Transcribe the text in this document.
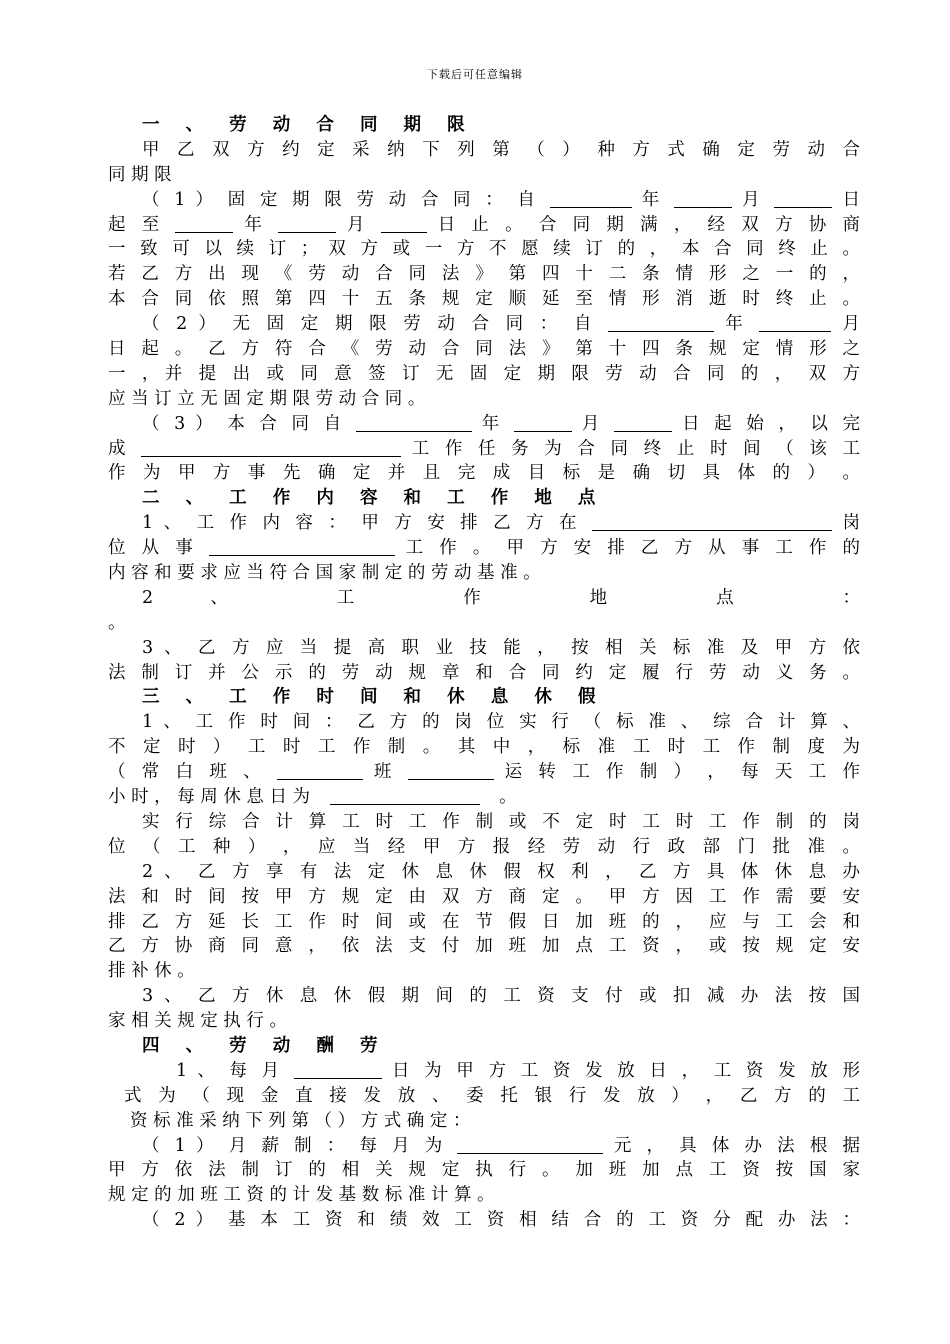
下载后可任意编辑
一 、 劳 动 合 同 期 限
甲 乙 双 方 约 定 采 纳 下 列 第 （ ） 种 方 式 确 定 劳 动 合
同 期 限
（ 1 ） 固 定 期 限 劳 动 合 同 ： 自	年	月	日
起 至	年	月	日 止 。 合 同 期 满 ， 经 双 方 协 商
一 致 可 以 续 订 ； 双 方 或 一 方 不 愿 续 订 的 ， 本 合 同 终 止 。
若 乙 方 出 现 《 劳 动 合 同 法 》 第 四 十 二 条 情 形 之 一 的 ，
本 合 同 依 照 第 四 十 五 条 规 定 顺 延 至 情 形 消 逝 时 终 止 。
（ 2 ） 无 固 定 期 限 劳 动 合 同 ： 自	年	月
日 起 。 乙 方 符 合 《 劳 动 合 同 法 》 第 十 四 条 规 定 情 形 之
一 ，并 提 出 或 同 意 签 订 无 固 定 期 限 劳 动 合 同 的 ， 双 方
应 当 订 立 无 固 定 期 限 劳 动 合 同 。
（ 3 ） 本 合 同 自	年	月	日 起 始 ， 以 完
成	工 作 任 务 为 合 同 终 止 时 间 （ 该 工
作 为 甲 方 事 先 确 定 并 且 完 成 目 标 是 确 切 具 体 的 ） 。
二 、 工 作 内 容 和 工 作 地 点
1 、 工 作 内 容 ： 甲 方 安 排 乙 方 在	岗
位 从 事	工 作 。 甲 方 安 排 乙 方 从 事 工 作 的
内 容 和 要 求 应 当 符 合 国 家 制 定 的 劳 动 基 准 。
2 、 工 作 地 点 ：
。
3 、 乙 方 应 当 提 高 职 业 技 能 ， 按 相 关 标 准 及 甲 方 依
法 制 订 并 公 示 的 劳 动 规 章 和 合 同 约 定 履 行 劳 动 义 务 。
三 、 工 作 时 间 和 休 息 休 假
1 、 工 作 时 间 ： 乙 方 的 岗 位 实 行 （ 标 准 、 综 合 计 算 、
不 定 时 ） 工 时 工 作 制 。 其 中 ， 标 准 工 时 工 作 制 度 为
（ 常 白 班 、	班	运 转 工 作 制 ） ， 每 天 工 作
小 时 ， 每 周 休 息 日 为	。
实 行 综 合 计 算 工 时 工 作 制 或 不 定 时 工 时 工 作 制 的 岗
位 （ 工 种 ） ， 应 当 经 甲 方 报 经 劳 动 行 政 部 门 批 准 。
2 、 乙 方 享 有 法 定 休 息 休 假 权 利 ， 乙 方 具 体 休 息 办
法 和 时 间 按 甲 方 规 定 由 双 方 商 定 。 甲 方 因 工 作 需 要 安
排 乙 方 延 长 工 作 时 间 或 在 节 假 日 加 班 的 ， 应 与 工 会 和
乙 方 协 商 同 意 ， 依 法 支 付 加 班 加 点 工 资 ， 或 按 规 定 安
排 补 休 。
3 、 乙 方 休 息 休 假 期 间 的 工 资 支 付 或 扣 减 办 法 按 国
家 相 关 规 定 执 行 。
四 、 劳 动 酬 劳
1 、 每 月	日 为 甲 方 工 资 发 放 日 ， 工 资 发 放 形
式 为 （ 现 金 直 接 发 放 、 委 托 银 行 发 放 ） ， 乙 方 的 工
资 标 准 采 纳 下 列 第 （ ） 方 式 确 定 ：
（ 1 ） 月 薪 制 ： 每 月 为	元 ， 具 体 办 法 根 据
甲 方 依 法 制 订 的 相 关 规 定 执 行 。 加 班 加 点 工 资 按 国 家
规 定 的 加 班 工 资 的 计 发 基 数 标 准 计 算 。
（ 2 ） 基 本 工 资 和 绩 效 工 资 相 结 合 的 工 资 分 配 办 法 ：
